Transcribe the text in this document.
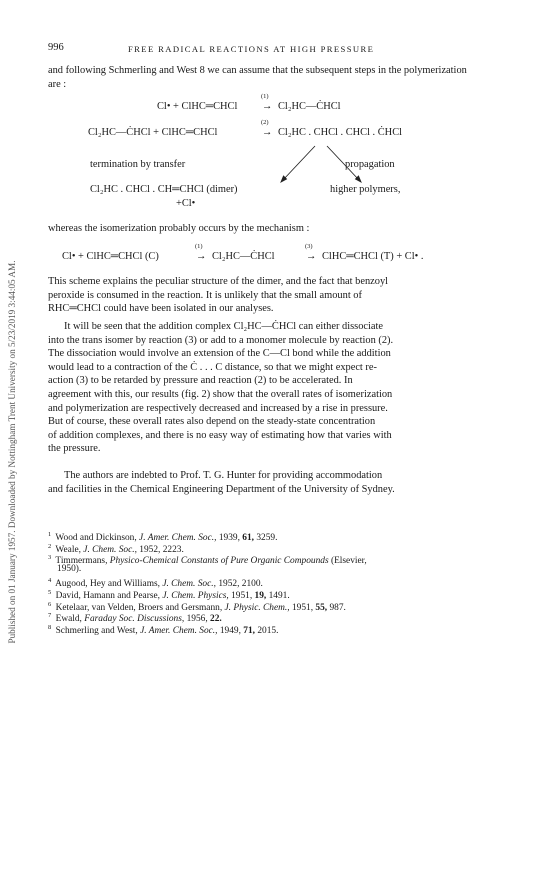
Published on 01 January 1957. Downloaded by Nottingham Trent University on 5/23/2019 3:44:05 AM.
996	FREE RADICAL REACTIONS AT HIGH PRESSURE
and following Schmerling and West 8 we can assume that the subsequent steps in the polymerization are :
Cl• + ClHC═CHCl
(1)
→ Cl₂HC—ĊHCl
Cl₂HC—ĊHCl + ClHC═CHCl
(2)
→ Cl₂HC . CHCl . CHCl . ĊHCl
termination by transfer	propagation
Cl₂HC . CHCl . CH═CHCl (dimer)	higher polymers,
+Cl•
whereas the isomerization probably occurs by the mechanism :
Cl• + ClHC═CHCl (C)
(1)
→ Cl₂HC—ĊHCl
(3)
→ ClHC═CHCl (T) + Cl• .
This scheme explains the peculiar structure of the dimer, and the fact that benzoyl
peroxide is consumed in the reaction. It is unlikely that the small amount of
RHC═CHCl could have been isolated in our analyses.
It will be seen that the addition complex Cl₂HC—ĊHCl can either dissociate
into the trans isomer by reaction (3) or add to a monomer molecule by reaction (2).
The dissociation would involve an extension of the C—Cl bond while the addition
would lead to a contraction of the Ċ . . . C distance, so that we might expect re-
action (3) to be retarded by pressure and reaction (2) to be accelerated. In
agreement with this, our results (fig. 2) show that the overall rates of isomerization
and polymerization are respectively decreased and increased by a rise in pressure.
But of course, these overall rates also depend on the steady-state concentration
of addition complexes, and there is no easy way of estimating how that varies with
the pressure.
The authors are indebted to Prof. T. G. Hunter for providing accommodation
and facilities in the Chemical Engineering Department of the University of Sydney.
$^1$ Wood and Dickinson, J. Amer. Chem. Soc., 1939, 61, 3259.
$^2$ Weale, J. Chem. Soc., 1952, 2223.
$^3$ Timmermans, Physico-Chemical Constants of Pure Organic Compounds (Elsevier,
1950).
$^4$ Augood, Hey and Williams, J. Chem. Soc., 1952, 2100.
$^5$ David, Hamann and Pearse, J. Chem. Physics, 1951, 19, 1491.
$^6$ Ketelaar, van Velden, Broers and Gersmann, J. Physic. Chem., 1951, 55, 987.
$^7$ Ewald, Faraday Soc. Discussions, 1956, 22.
$^8$ Schmerling and West, J. Amer. Chem. Soc., 1949, 71, 2015.
